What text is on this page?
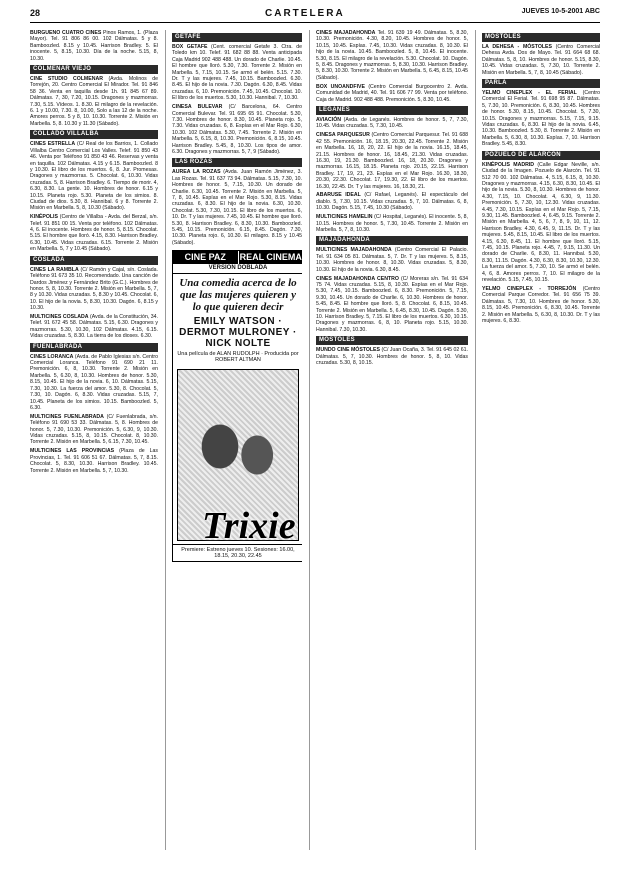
28	CARTELERA	JUEVES 10-5-2001 ABC
BURGUEÑO CUATRO CINES Pinos Ramos, 1. (Plaza Mayor). Tel. 91 806 86 00. 102 Dálmatas. 5 y 8. Bamboozled. 8.15 y 10.45. Harrison Bradley. 5. El inocente. 5, 8.15, 10.30. Día de la noche. 5.15, 8, 10.30.

COLMENAR VIEJO
CINE STUDIO COLMENAR (Avda. Molinos de Torrejón, 20. Centro Comercial El Mirador. Tel. 91 846 58 36. Venta en taquilla desde 1h. 91 845 67 89. Dálmatas. 7, 30, 7.20, 10.15. Dragones y mazmorras. 7.30, 5.15. Vídeos. 1. 8.30. El milagro de la revelación. 6. 1 y 10.00, 7.30. 8, 10.00, Solo a las 12 de la noche. Amores perros. 5 y 8, 10. 10.30. Torrente 2. Misión en Marbella. 5, 8. 10.30 y 11.30 (Sábado).

COLLADO VILLALBA
CINES ESTRELLA (C/ Real de los Barrios, 1. Collado Villalba Centro Comercial Los Valles. Telef. 91 850 43 46. Venta por Teléfono 91 850 43 46. Reservas y venta en taquilla. 102 Dálmatas. 4.15 y 6.15. Bamboozled. 8 y 10.30. El libro de los muertos. 6, 8. Jur. Promesas. Dragones y mazmorras. 5. Chocolat. 6, 10.30. Vidas cruzadas. 5, 8. Harrison Bradley. 6. Tiempo de morir. 4, 6.30, 8.30. La gente. 10. Hombres de honor. 6.15 y 10.15. Planeta rojo. 5.30. Planeta de los simios. 8. Ciudad de dios. 5.30, 8. Hannibal. 6 y 8. Torrente 2. Misión en Marbella. 5, 8, 10.30 (Sábado).

KINÉPOLIS (Centro de Villalba - Avda. del Berzal, s/n. Telef. 91 851 00 15. Venta por teléfono. 102 Dálmatas. 4, 6. El inocente. Hombres de honor. 5, 8.15. Chocolat. 5.15. El hombre que lloró. 4.15, 8.30. Harrison Bradley. 6.30, 10.45. Vidas cruzadas. 6.15. Torrente 2. Misión en Marbella. 5, 7 y 10.45 (Sábado).

COSLADA
CINES LA RAMBLA (C/ Ramón y Cajal, s/n. Coslada. Teléfono 91 673 35 10. Recomendado. Una canción de Dardos Jiménez y Fernández Brito (G.C.). Hombres de honor. 5, 8, 10.30. Torrente 2. Misión en Marbella. 5, 7, 8 y 10.30. Vidas cruzadas. 5, 8.30 y 10.45. Chocolat. 6, 10. El hijo de la novia. 5, 8.30, 10.30. Dagón. 6, 8.15 y 10.30.

MULTICINES COSLADA (Avda. de la Constitución, 34. Telef. 91 672 45 58. Dálmatas. 5.15, 6.30. Dragones y mazmorras. 5.30, 10.30, 102 Dálmatas. 4.15, 6.15. Vidas cruzadas. 5, 8.30. La tierra de los dioses. 6.30.

FUENLABRADA
CINES LORANCA (Avda. de Pablo Iglesias s/n. Centro Comercial Loranca. Teléfono 91 690 21 11. Premonición. 6, 8, 10.30. Torrente 2. Misión en Marbella. 5, 6.30, 8, 10.30. Hombres de honor. 5.30, 8.15, 10.45. El hijo de la novia. 6, 10. Dálmatas. 5.15, 7.30, 10.30. La fuerza del amor. 5.30, 8. Chocolat. 5, 7.30, 10. Dagón. 6, 8.30. Vidas cruzadas. 5.15, 7, 10.45. Planeta de los simios. 10.15. Bamboozled. 5, 6.30.

MULTICINES FUENLABRADA (C/ Fuenlabrada, s/n. Teléfono 91 690 53 33. Dálmatas. 5, 8. Hombres de honor. 5, 7.30, 10.30. Premonición. 5, 6.30, 9, 10.30. Vidas cruzadas. 5.15, 8, 10.15. Chocolat. 8, 10.30. Torrente 2. Misión en Marbella. 5, 6.15, 7.30, 10.45.

MULTICINES LAS PROVINCIAS (Plaza de Las Provincias, 1. Tel. 91 606 51 67. Dálmatas. 5, 7, 8.15. Chocolat. 5, 8.30, 10.30. Harrison Bradley. 10.45. Torrente 2. Misión en Marbella. 5, 7, 10.30.

GETAFE
BOX GETAFE (Cent. comercial Getafe 3. Ctra. de Toledo km 10. Telef. 91 682 88 88. Venta anticipada Caja Madrid 902 488 488. Un dorado de Charlie. 10.45. El hombre que lloró. 5.30, 7.30. Torrente 2. Misión en Marbella. 5, 7.15, 10.15. Se armó el belén. 5.15. 7.30. Dr. T y las mujeres. 7.45, 10.15. Bamboozled. 6.30. 8.45. El hijo de la novia. 7.30. Dagón. 6.30, 8.45. Vidas cruzadas. 6, 10. Premonición. 7.45, 10.45. Chocolat. 10. El libro de los muertos. 5.30, 10.30. Hannibal. 7, 10.30.

CINESA BULEVAR (C/ Barcelona, 64. Centro Comercial Bulevar. Tel. 91 695 65 91. Chocolat. 5.30, 7.30. Hombres de honor. 8.30, 10.45. Planeta rojo. 5, 7.30. Vidas cruzadas. 6, 8. Espías en el Mar Rojo. 6.30, 10.30. 102 Dálmatas. 5.30, 7.45. Torrente 2. Misión en Marbella. 5, 6.15, 8, 10.30. Premonición. 6, 8.15, 10.45. Harrison Bradley. 5.45, 8, 10.30. Los tipos de amor. 6.30. Dragones y mazmorras. 5, 7, 9 (Sábado).

LAS ROZAS
AUREA LA ROZAS (Avda. Juan Ramón Jiménez, 3. Las Rozas. Tel. 91 637 73 94. Dálmatas. 5.15, 7.30, 10. Hombres de honor. 5, 7.15, 10.30. Un dorado de Charlie. 6.30, 10.45. Torrente 2. Misión en Marbella. 5, 7, 8, 10.45. Espías en el Mar Rojo. 5.30, 8.15. Vidas cruzadas. 6, 8.30. El hijo de la novia. 6.30, 10.30. Chocolat. 5.30, 7.30, 10.15. El libro de los muertos. 6, 10. Dr. T y las mujeres. 7.45, 10.45. El hombre que lloró. 5.30, 8. Harrison Bradley. 6, 8.30, 10.30. Bamboozled. 5.45, 10.15. Premonición. 6.15, 8.45. Dagón. 7.30, 10.30. Planeta rojo. 6, 10.30. El milagro. 8.15 y 10.45 (Sábado).

CINE PAZ	REAL CINEMA
VERSIÓN DOBLADA
Una comedia acerca de lo que las mujeres quieren y lo que quieren decir
EMILY WATSON · DERMOT MULRONEY · NICK NOLTE
Una película de ALAN RUDOLPH · Producida por ROBERT ALTMAN
Trixie
Premiere: Estreno jueves 10. Sesiones: 16.00, 18.15, 20.30, 22.45
CINES MAJADAHONDA Tel. 91 639 19 49. Dálmatas. 5, 8.30, 10.30. Premonición. 4.30, 8.20, 10.45. Hombres de honor. 5, 10.15, 10.45. Espías. 7.45, 10.30. Vidas cruzadas. 8, 10.30. El hijo de la novia. 10.45. Bamboozled. 5, 8, 10.45. El inocente. 5.30, 8.15. El milagro de la revelación. 5.30. Chocolat. 10. Dagón. 5, 8.45. Dragones y mazmorras. 5, 8.30, 10.30. Harrison Bradley. 5, 8.30, 10.30. Torrente 2. Misión en Marbella. 5, 6.45, 8.15, 10.45 (Sábado).

BOX UNOANDFIVE (Centro Comercial Burgocentro 2. Avda. Comunidad de Madrid, 40. Tel. 91 606 77 99. Venta por teléfono. Caja de Madrid. 902 488 488. Premonición. 5, 8.30, 10.45.

LEGANÉS
AVIACIÓN (Avda. de Leganés. Hombres de honor. 5, 7, 7.30, 10.45. Vidas cruzadas. 5, 7.30, 10.45.

CINESA PARQUESUR (Centro Comercial Parquesur. Tel. 91 688 42 55. Premonición. 16, 18.15, 20.30, 22.45. Torrente 2. Misión en Marbella. 16, 18, 20, 22. El hijo de la novia. 16.15, 18.45, 21.15. Hombres de honor. 16, 18.45, 21.30. Vidas cruzadas. 16.30, 19, 21.30. Bamboozled. 16, 18, 20.30. Dragones y mazmorras. 16.15, 18.15. Planeta rojo. 20.15, 22.15. Harrison Bradley. 17, 19, 21, 23. Espías en el Mar Rojo. 16.30, 18.30, 20.30, 22.30. Chocolat. 17, 19.30, 22. El libro de los muertos. 16.30, 22.45. Dr. T y las mujeres. 16, 18.30, 21.

ABARUSE IDEAL (C/ Rafael, Leganés). El espectáculo del diablo. 5, 7.30, 10.15. Vidas cruzadas. 5, 7, 10. Dálmatas. 6, 8, 10.30. Dagón. 5.15, 7.45, 10.30 (Sábado).

MULTICINES HAMELIN (C/ Hospital, Leganés). El inocente. 5, 8, 10.15. Hombres de honor. 5, 7.30, 10.45. Torrente 2. Misión en Marbella. 5, 7, 8, 10.30.

MAJADAHONDA
MULTICINES MAJADAHONDA (Centro Comercial El Palacio. Tel. 91 634 05 81. Dálmatas. 5, 7. Dr. T y las mujeres. 5, 8.15, 10.30. Hombres de honor. 8, 10.30. Vidas cruzadas. 5, 8.30, 10.30. El hijo de la novia. 6.30, 8.45.

CINES MAJADAHONDA CENTRO (C/ Moreras s/n. Tel. 91 634 75 74. Vidas cruzadas. 5.15, 8, 10.30. Espías en el Mar Rojo. 5.30, 7.45, 10.15. Bamboozled. 6, 8.30. Premonición. 5, 7.15, 9.30, 10.45. Un dorado de Charlie. 6, 10.30. Hombres de honor. 5.45, 8.45. El hombre que lloró. 5, 8. Chocolat. 6, 8.15, 10.45. Torrente 2. Misión en Marbella. 5, 6.45, 8.30, 10.45. Dagón. 5.30, 10. Harrison Bradley. 5, 7.15. El libro de los muertos. 6.30, 10.15. Dragones y mazmorras. 6, 8, 10. Planeta rojo. 5.15, 10.30. Hannibal. 7.30, 10.30.

MÓSTOLES
MUNDO CINE MÓSTOLES (C/ Juan Ocaña, 3. Tel. 91 645 02 61. Dálmatas. 5, 7, 10.30. Hombres de honor. 5, 8, 10. Vidas cruzadas. 5.30, 8, 10.15.

MÓSTOLES
LA DEHESA - MÓSTOLES (Centro Comercial Dehesa Avda. Dos de Mayo. Tel. 91 664 68 68. Dálmatas. 5, 8, 10. Hombres de honor. 5.15, 8.30, 10.45. Vidas cruzadas. 5, 7.30, 10. Torrente 2. Misión en Marbella. 5, 7, 8, 10.45 (Sábado).

PARLA
YELMO CINEPLEX - EL FERIAL (Centro Comercial El Ferial. Tel. 91 698 95 87. Dálmatas. 5, 7.30, 10. Premonición. 6, 8.30, 10.45. Hombres de honor. 5.30, 8.15, 10.45. Chocolat. 5, 7.30, 10.15. Dragones y mazmorras. 5.15, 7.15, 9.15. Vidas cruzadas. 6, 8.30. El hijo de la novia. 6.45, 10.30. Bamboozled. 5.30, 8. Torrente 2. Misión en Marbella. 5, 6.30, 8, 10.30. Espías. 7, 10. Harrison Bradley. 5.45, 8.30.

POZUELO DE ALARCÓN
KINÉPOLIS MADRID (Calle Edgar Neville, s/n. Ciudad de la Imagen. Pozuelo de Alarcón. Tel. 91 512 70 00. 102 Dálmatas. 4, 5.15, 6.15, 8, 10.30. Dragones y mazmorras. 4.15, 6.30, 8.30, 10.45. El hijo de la novia. 5.30, 8, 10.30. Hombres de honor. 4.30, 7.15, 10. Chocolat. 4, 6.30, 9, 11.30. Premonición. 5, 7.30, 10, 12.30. Vidas cruzadas. 4.45, 7.30, 10.15. Espías en el Mar Rojo. 5, 7.15, 9.30, 11.45. Bamboozled. 4, 6.45, 9.15. Torrente 2. Misión en Marbella. 4, 5, 6, 7, 8, 9, 10, 11, 12. Harrison Bradley. 4.30, 6.45, 9, 11.15. Dr. T y las mujeres. 5.45, 8.15, 10.45. El libro de los muertos. 4.15, 6.30, 8.45, 11. El hombre que lloró. 5.15, 7.45, 10.15. Planeta rojo. 4.45, 7, 9.15, 11.30. Un dorado de Charlie. 6, 8.30, 11. Hannibal. 5.30, 8.30, 11.15. Dagón. 4.30, 6.30, 8.30, 10.30, 12.30. La fuerza del amor. 5, 7.30, 10. Se armó el belén. 4, 6, 8. Amores perros. 7, 10. El milagro de la revelación. 5.15, 7.45, 10.15.

YELMO CINEPLEX - TORREJÓN (Centro Comercial Parque Corredor. Tel. 91 656 75 39. Dálmatas. 5, 7.30, 10. Hombres de honor. 5.30, 8.15, 10.45. Premonición. 6, 8.30, 10.45. Torrente 2. Misión en Marbella. 5, 6.30, 8, 10.30. Dr. T y las mujeres. 6, 8.30.
